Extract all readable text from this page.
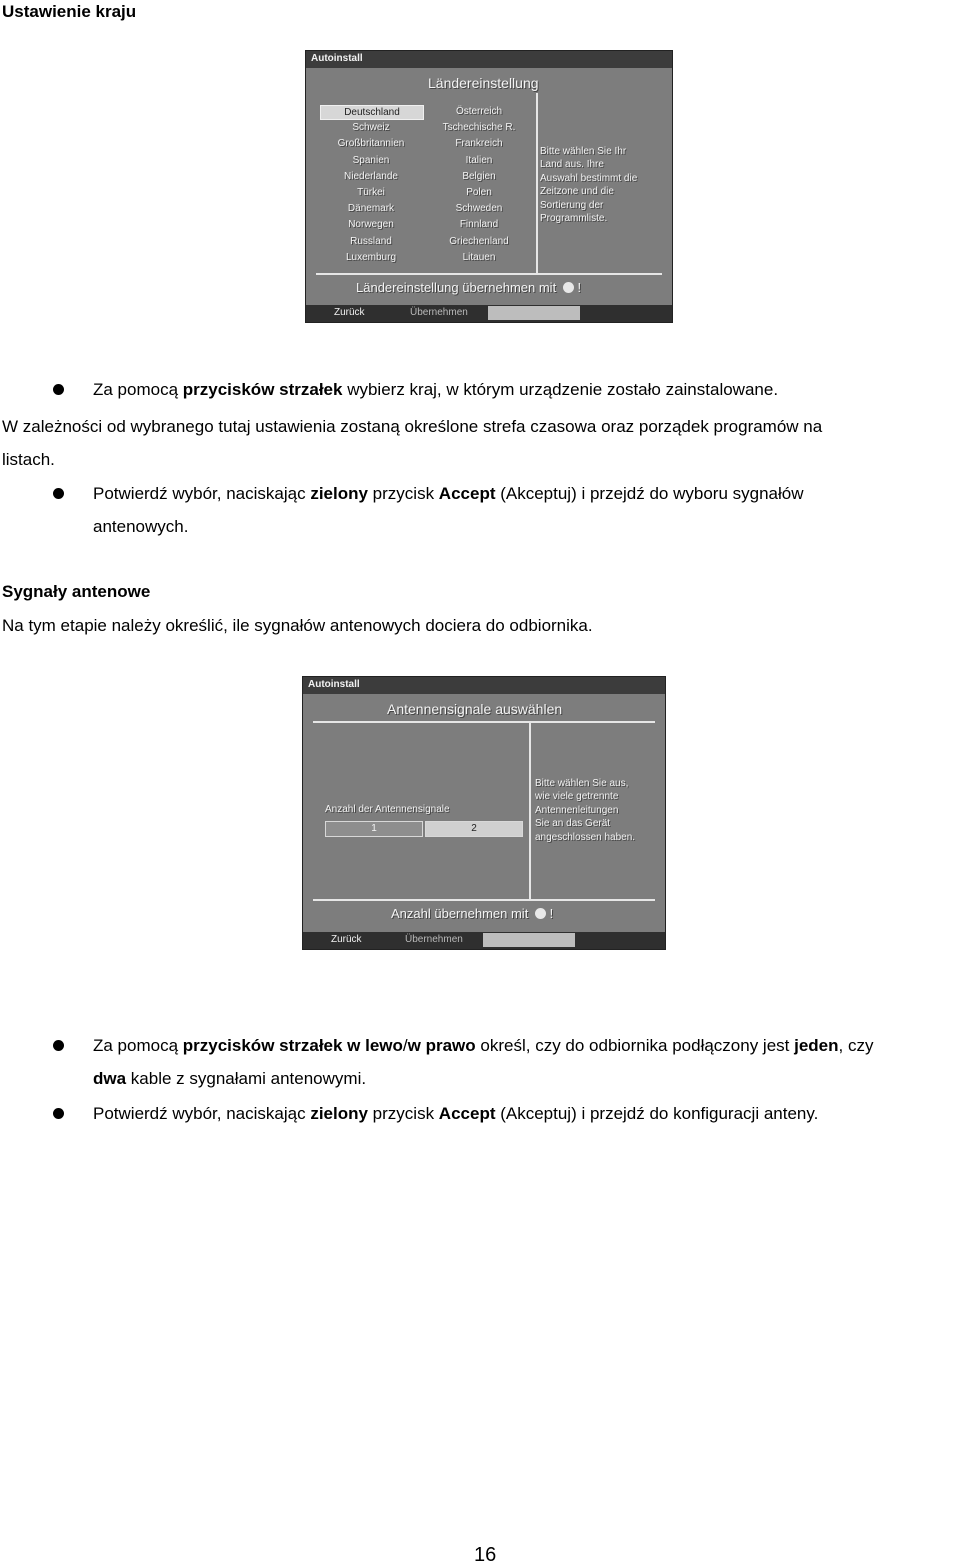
Ustawienie kraju
Autoinstall
Ländereinstellung
Deutschland
Schweiz
Großbritannien
Spanien
Niederlande
Türkei
Dänemark
Norwegen
Russland
Luxemburg
Österreich
Tschechische R.
Frankreich
Italien
Belgien
Polen
Schweden
Finnland
Griechenland
Litauen
Bitte wählen Sie Ihr
Land aus. Ihre
Auswahl bestimmt die
Zeitzone und die
Sortierung der
Programmliste.
Ländereinstellung übernehmen mit !
Zurück	Übernehmen
Za pomocą przycisków strzałek wybierz kraj, w którym urządzenie zostało zainstalowane.
W zależności od wybranego tutaj ustawienia zostaną określone strefa czasowa oraz porządek programów na
listach.
Potwierdź wybór, naciskając zielony przycisk Accept (Akceptuj) i przejdź do wyboru sygnałów
antenowych.
Sygnały antenowe
Na tym etapie należy określić, ile sygnałów antenowych dociera do odbiornika.
Autoinstall
Antennensignale auswählen
Anzahl der Antennensignale
1	2
Bitte wählen Sie aus,
wie viele getrennte
Antennenleitungen
Sie an das Gerät
angeschlossen haben.
Anzahl übernehmen mit !
Zurück	Übernehmen
Za pomocą przycisków strzałek w lewo/w prawo określ, czy do odbiornika podłączony jest jeden, czy
dwa kable z sygnałami antenowymi.
Potwierdź wybór, naciskając zielony przycisk Accept (Akceptuj) i przejdź do konfiguracji anteny.
16
